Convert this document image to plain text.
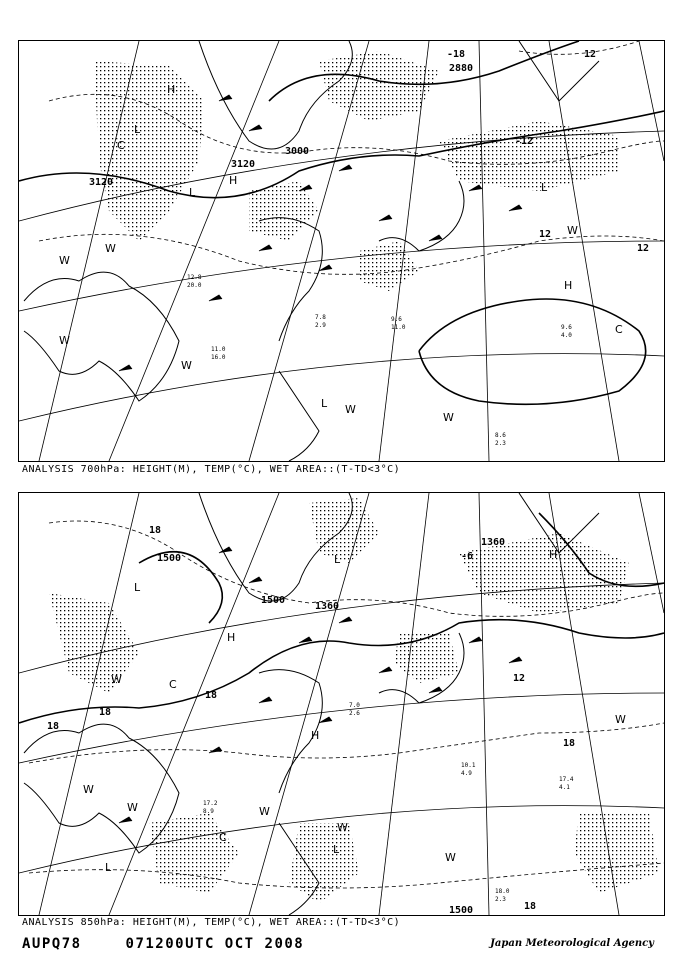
3120
3120
3000
2880
-18
-12
12
12
12
H
H
H
L
L
L
L
W
W
W
W
W
W
W
C
C
8.6
2.3
9.6
4.0
9.6
11.0
12.8
20.0
11.0
16.0
7.8
2.9
ANALYSIS 700hPa: HEIGHT(M), TEMP(°C), WET AREA::(T-TD<3°C)
1500
1500
1360
1500
1360
18
18
18
18
18
12
-6
18
L
L
L
L
H
H
H
W
W
W	W
W
W
W
C
C
18.0
2.3
17.4
4.1
10.1
4.9
17.2
8.9
7.0
2.6
ANALYSIS 850hPa: HEIGHT(M), TEMP(°C), WET AREA::(T-TD<3°C)
AUPQ78	071200UTC OCT 2008	Japan Meteorological Agency
